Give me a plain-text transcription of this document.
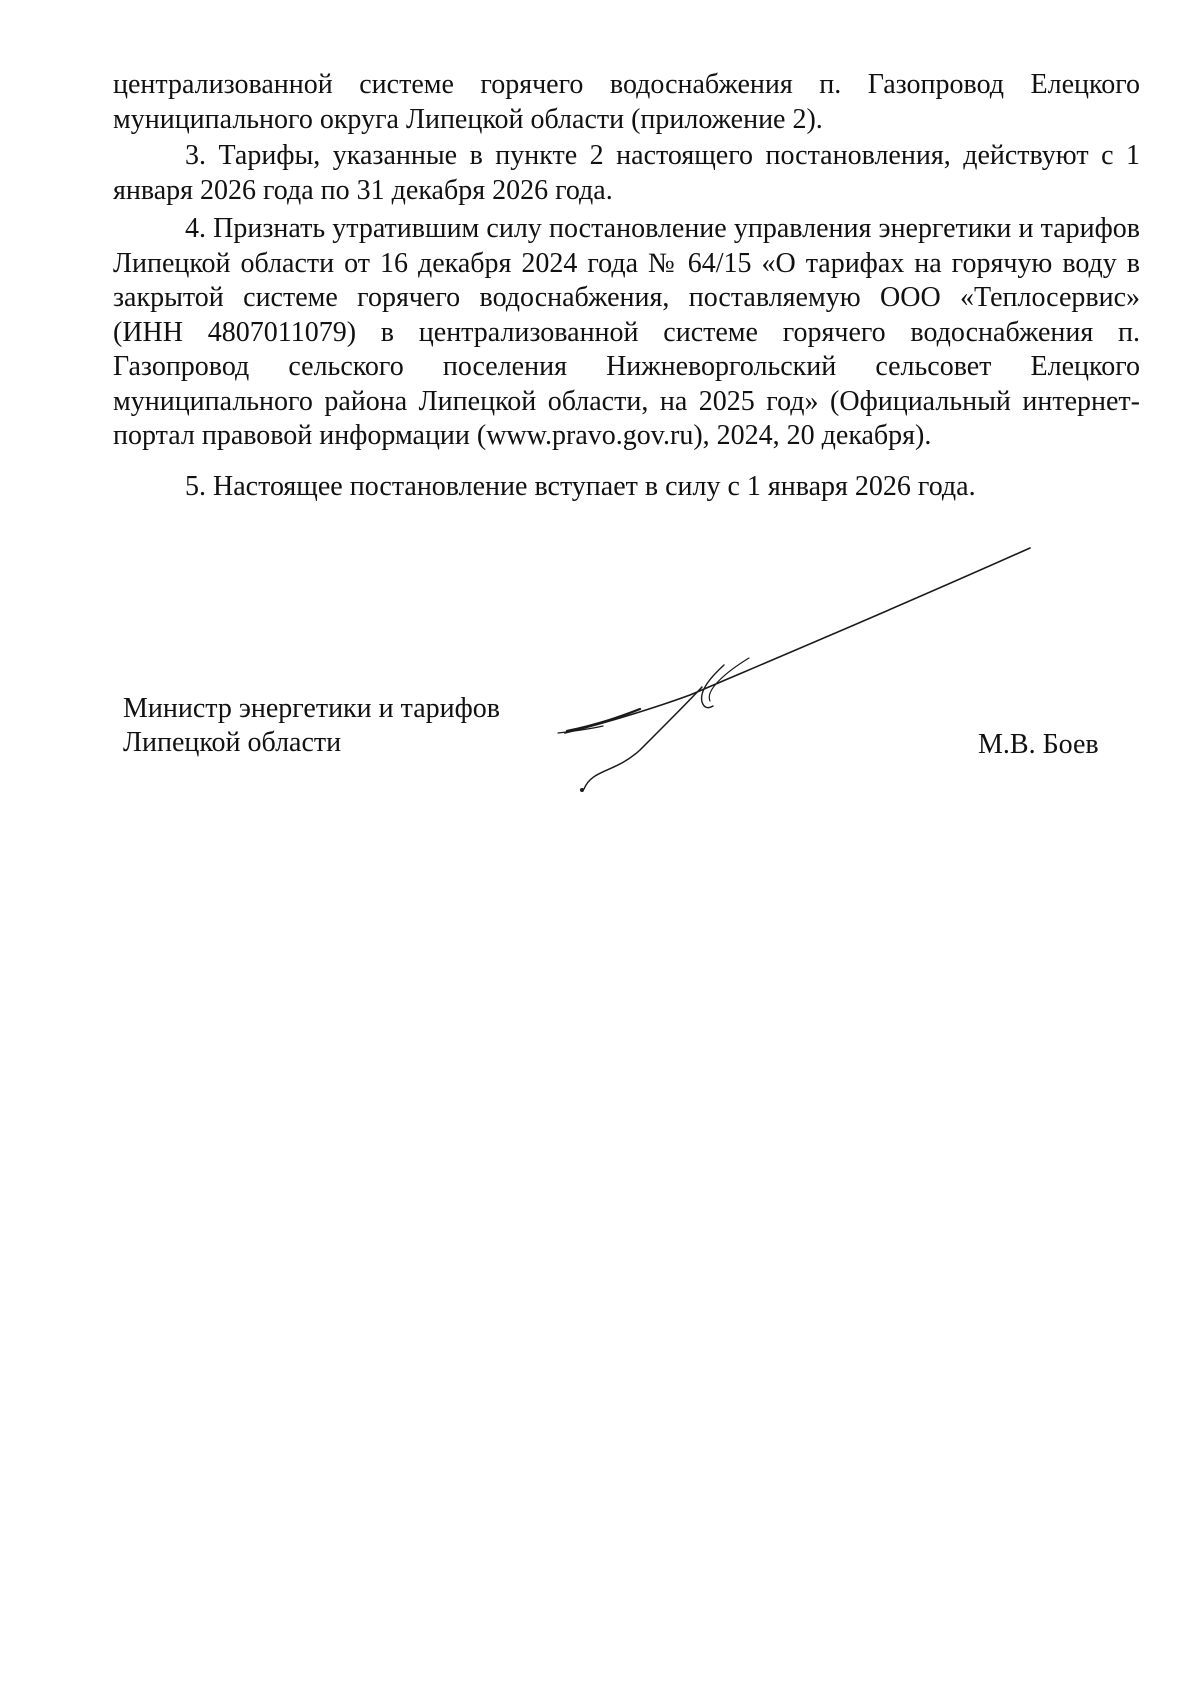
централизованной системе горячего водоснабжения п. Газопровод Елецкого муниципального округа Липецкой области (приложение 2).

3. Тарифы, указанные в пункте 2 настоящего постановления, действуют с 1 января 2026 года по 31 декабря 2026 года.

4. Признать утратившим силу постановление управления энергетики и тарифов Липецкой области от 16 декабря 2024 года № 64/15 «О тарифах на горячую воду в закрытой системе горячего водоснабжения, поставляемую ООО «Теплосервис» (ИНН 4807011079) в централизованной системе горячего водоснабжения п. Газопровод сельского поселения Нижневоргольский сельсовет Елецкого муниципального района Липецкой области, на 2025 год» (Официальный интернет-портал правовой информации (www.pravo.gov.ru), 2024, 20 декабря).

5. Настоящее постановление вступает в силу с 1 января 2026 года.

Министр энергетики и тарифов
Липецкой области	М.В. Боев
